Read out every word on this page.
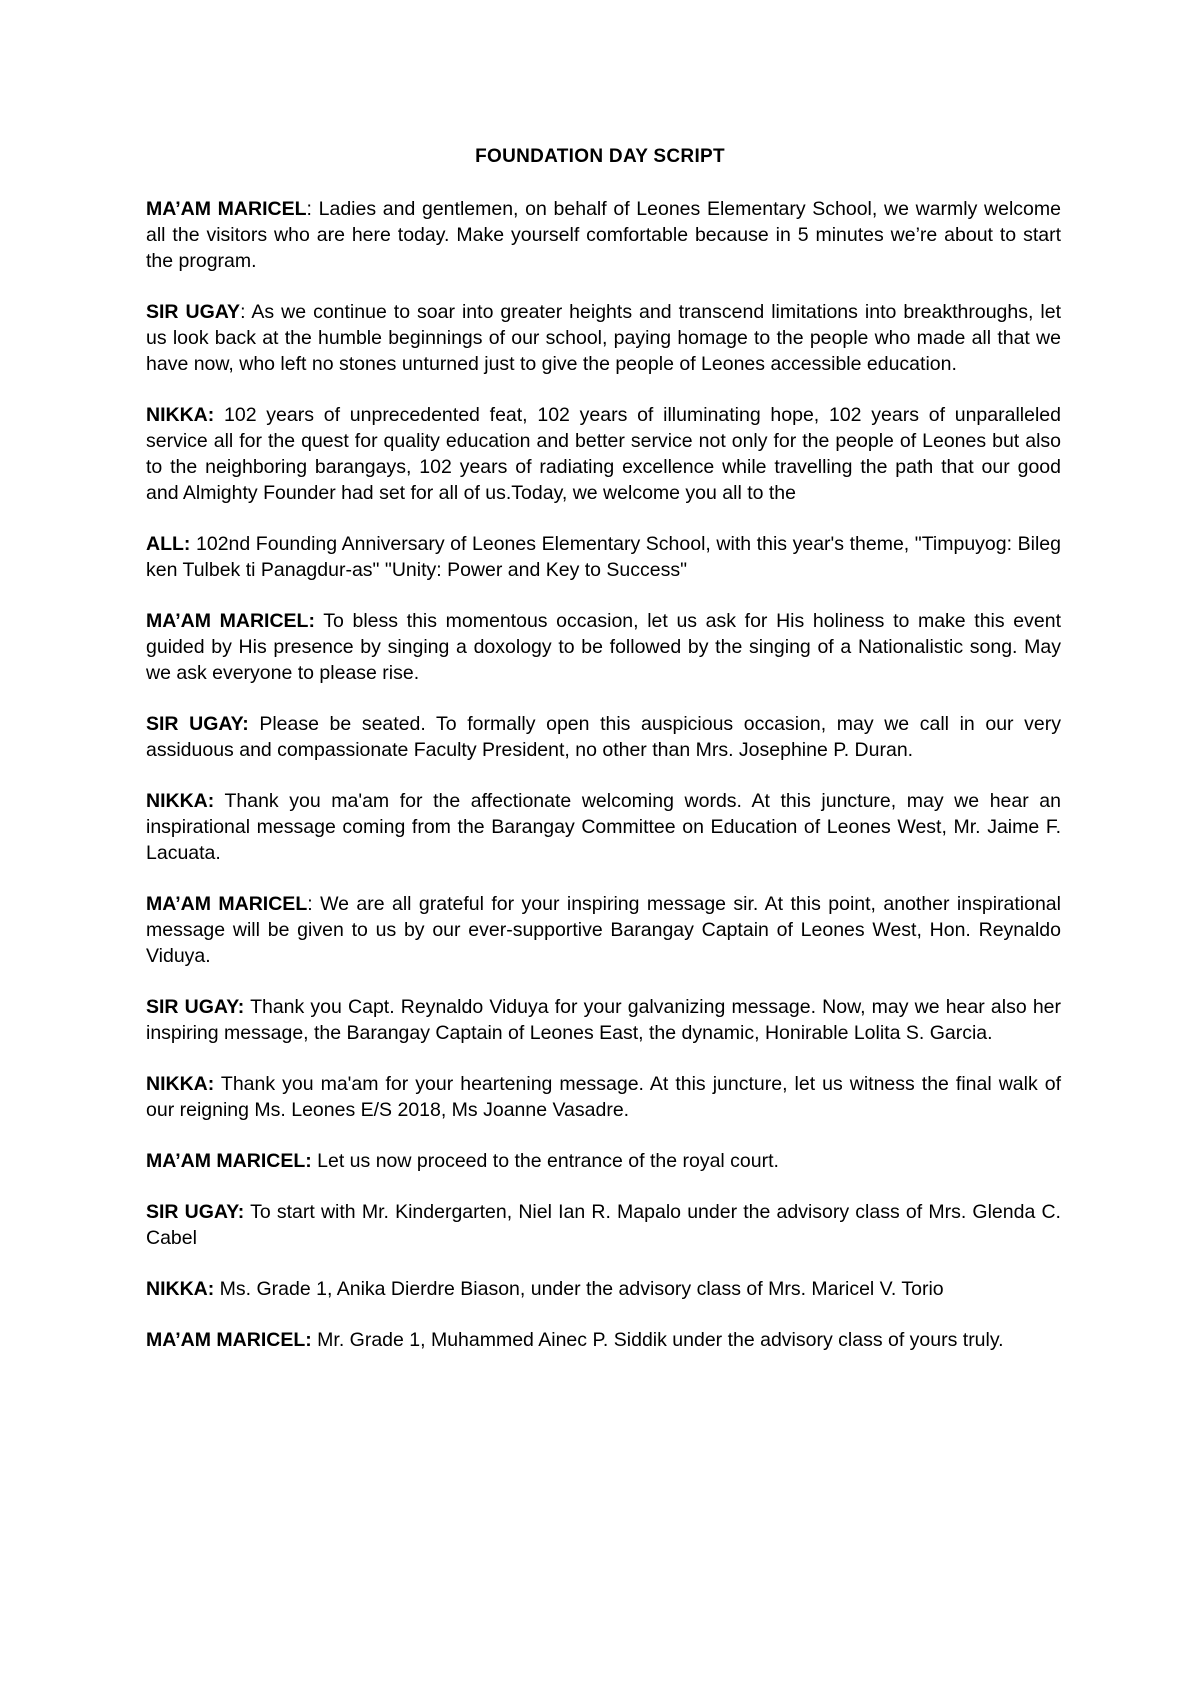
FOUNDATION DAY SCRIPT

MA’AM MARICEL: Ladies and gentlemen, on behalf of Leones Elementary School, we warmly welcome all the visitors who are here today. Make yourself comfortable because in 5 minutes we’re about to start the program.

SIR UGAY: As we continue to soar into greater heights and transcend limitations into breakthroughs, let us look back at the humble beginnings of our school, paying homage to the people who made all that we have now, who left no stones unturned just to give the people of Leones accessible education.

NIKKA: 102 years of unprecedented feat, 102 years of illuminating hope, 102 years of unparalleled service all for the quest for quality education and better service not only for the people of Leones but also to the neighboring barangays, 102 years of radiating excellence while travelling the path that our good and Almighty Founder had set for all of us.Today, we welcome you all to the

ALL: 102nd Founding Anniversary of Leones Elementary School, with this year's theme, "Timpuyog: Bileg ken Tulbek ti Panagdur-as" "Unity: Power and Key to Success"

MA’AM MARICEL: To bless this momentous occasion, let us ask for His holiness to make this event guided by His presence by singing a doxology to be followed by the singing of a Nationalistic song. May we ask everyone to please rise.

SIR UGAY: Please be seated. To formally open this auspicious occasion, may we call in our very assiduous and compassionate Faculty President, no other than Mrs. Josephine P. Duran.

NIKKA: Thank you ma'am for the affectionate welcoming words. At this juncture, may we hear an inspirational message coming from the Barangay Committee on Education of Leones West, Mr. Jaime F. Lacuata.

MA’AM MARICEL: We are all grateful for your inspiring message sir. At this point, another inspirational message will be given to us by our ever-supportive Barangay Captain of Leones West, Hon. Reynaldo Viduya.

SIR UGAY: Thank you Capt. Reynaldo Viduya for your galvanizing message. Now, may we hear also her inspiring message, the Barangay Captain of Leones East, the dynamic, Honirable Lolita S. Garcia.

NIKKA: Thank you ma'am for your heartening message. At this juncture, let us witness the final walk of our reigning Ms. Leones E/S 2018, Ms Joanne Vasadre.

MA’AM MARICEL: Let us now proceed to the entrance of the royal court.

SIR UGAY: To start with Mr. Kindergarten, Niel Ian R. Mapalo under the advisory class of Mrs. Glenda C. Cabel

NIKKA: Ms. Grade 1, Anika Dierdre Biason, under the advisory class of Mrs. Maricel V. Torio

MA’AM MARICEL: Mr. Grade 1, Muhammed Ainec P. Siddik under the advisory class of yours truly.
